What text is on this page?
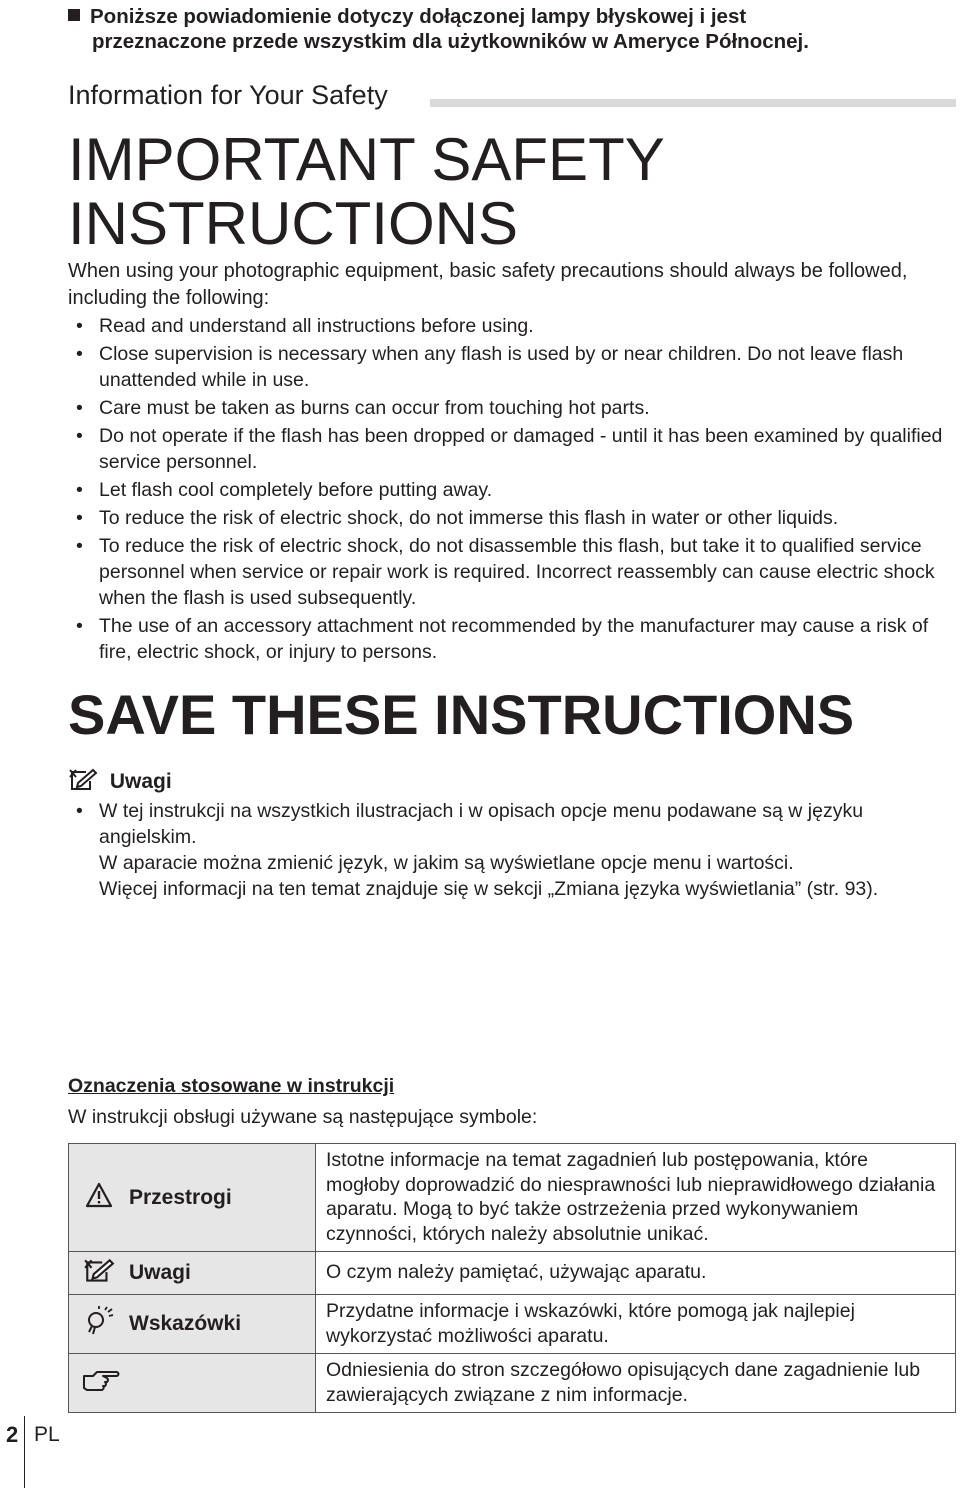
Poniższe powiadomienie dotyczy dołączonej lampy błyskowej i jest
przeznaczone przede wszystkim dla użytkowników w Ameryce Północnej.
Information for Your Safety
IMPORTANT SAFETY
INSTRUCTIONS
When using your photographic equipment, basic safety precautions should always be followed, including the following:
• Read and understand all instructions before using.
• Close supervision is necessary when any flash is used by or near children. Do not leave flash unattended while in use.
• Care must be taken as burns can occur from touching hot parts.
• Do not operate if the flash has been dropped or damaged - until it has been examined by qualified service personnel.
• Let flash cool completely before putting away.
• To reduce the risk of electric shock, do not immerse this flash in water or other liquids.
• To reduce the risk of electric shock, do not disassemble this flash, but take it to qualified service personnel when service or repair work is required. Incorrect reassembly can cause electric shock when the flash is used subsequently.
• The use of an accessory attachment not recommended by the manufacturer may cause a risk of fire, electric shock, or injury to persons.
SAVE THESE INSTRUCTIONS
Uwagi
• W tej instrukcji na wszystkich ilustracjach i w opisach opcje menu podawane są w języku angielskim.
W aparacie można zmienić język, w jakim są wyświetlane opcje menu i wartości.
Więcej informacji na ten temat znajduje się w sekcji „Zmiana języka wyświetlania” (str. 93).
Oznaczenia stosowane w instrukcji
W instrukcji obsługi używane są następujące symbole:
Przestrogi	Istotne informacje na temat zagadnień lub postępowania, które mogłoby doprowadzić do niesprawności lub nieprawidłowego działania aparatu. Mogą to być także ostrzeżenia przed wykonywaniem czynności, których należy absolutnie unikać.
Uwagi	O czym należy pamiętać, używając aparatu.
Wskazówki	Przydatne informacje i wskazówki, które pomogą jak najlepiej wykorzystać możliwości aparatu.
	Odniesienia do stron szczegółowo opisujących dane zagadnienie lub zawierających związane z nim informacje.
2 PL
